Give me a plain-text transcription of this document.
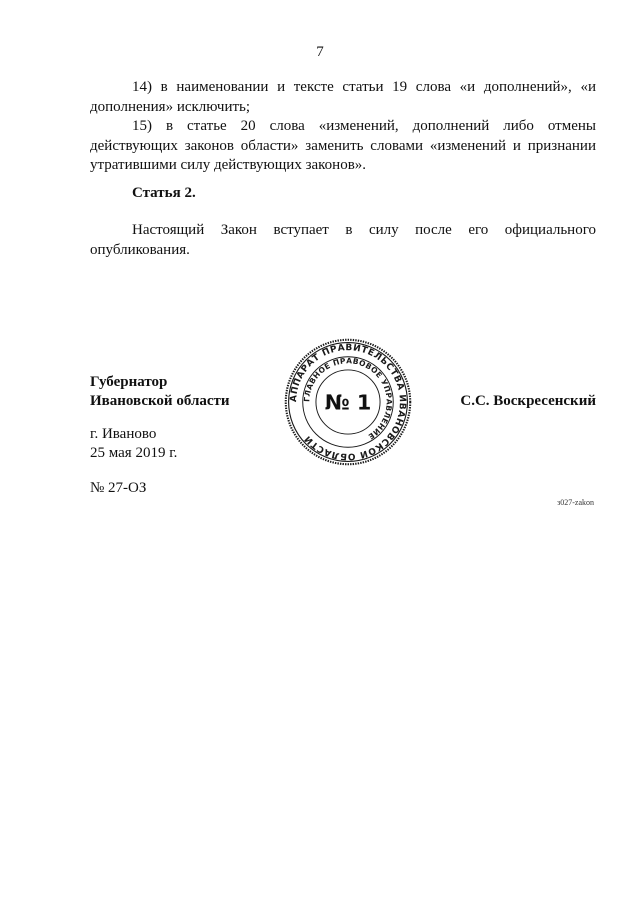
7
14) в наименовании и тексте статьи 19 слова «и дополнений», «и дополнения» исключить;
15) в статье 20 слова «изменений, дополнений либо отмены действующих законов области» заменить словами «изменений и признании утратившими силу действующих законов».
Статья 2.
Настоящий Закон вступает в силу после его официального опубликования.
Губернатор
Ивановской области	С.С. Воскресенский
АППАРАТ ПРАВИТЕЛЬСТВА ИВАНОВСКОЙ ОБЛАСТИ
ГЛАВНОЕ ПРАВОВОЕ УПРАВЛЕНИЕ
№ 1
г. Иваново
25 мая 2019 г.
№ 27-ОЗ
з027-zakon
